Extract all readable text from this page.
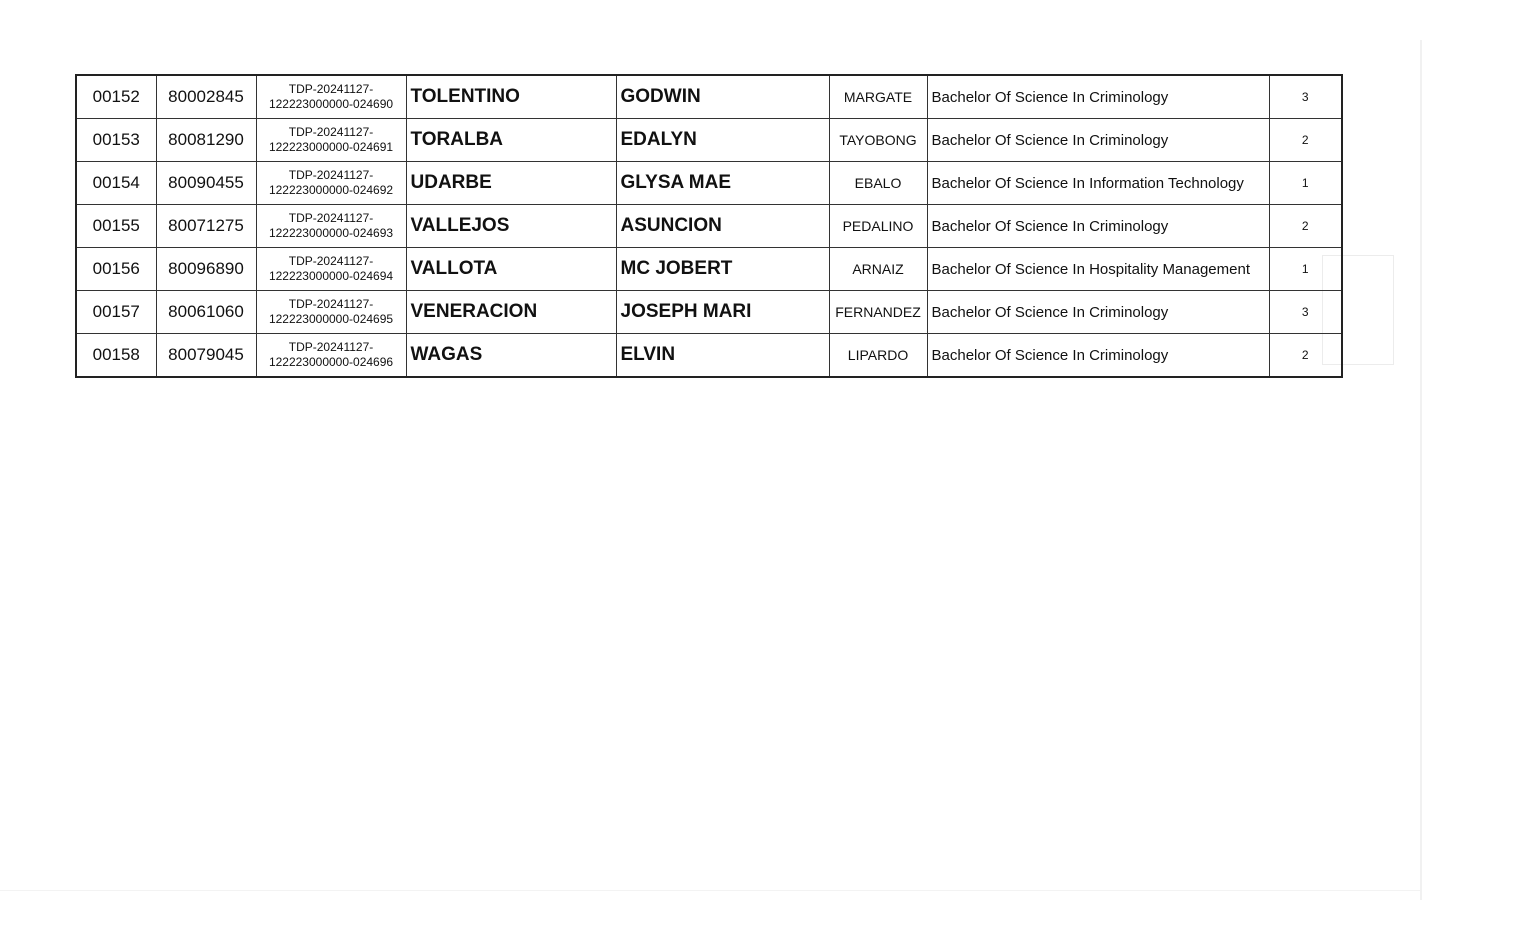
00152	80002845	TDP-20241127-
122223000000-024690	TOLENTINO	GODWIN	MARGATE	Bachelor Of Science In Criminology	3
00153	80081290	TDP-20241127-
122223000000-024691	TORALBA	EDALYN	TAYOBONG	Bachelor Of Science In Criminology	2
00154	80090455	TDP-20241127-
122223000000-024692	UDARBE	GLYSA MAE	EBALO	Bachelor Of Science In Information Technology	1
00155	80071275	TDP-20241127-
122223000000-024693	VALLEJOS	ASUNCION	PEDALINO	Bachelor Of Science In Criminology	2
00156	80096890	TDP-20241127-
122223000000-024694	VALLOTA	MC JOBERT	ARNAIZ	Bachelor Of Science In Hospitality Management	1
00157	80061060	TDP-20241127-
122223000000-024695	VENERACION	JOSEPH MARI	FERNANDEZ	Bachelor Of Science In Criminology	3
00158	80079045	TDP-20241127-
122223000000-024696	WAGAS	ELVIN	LIPARDO	Bachelor Of Science In Criminology	2
